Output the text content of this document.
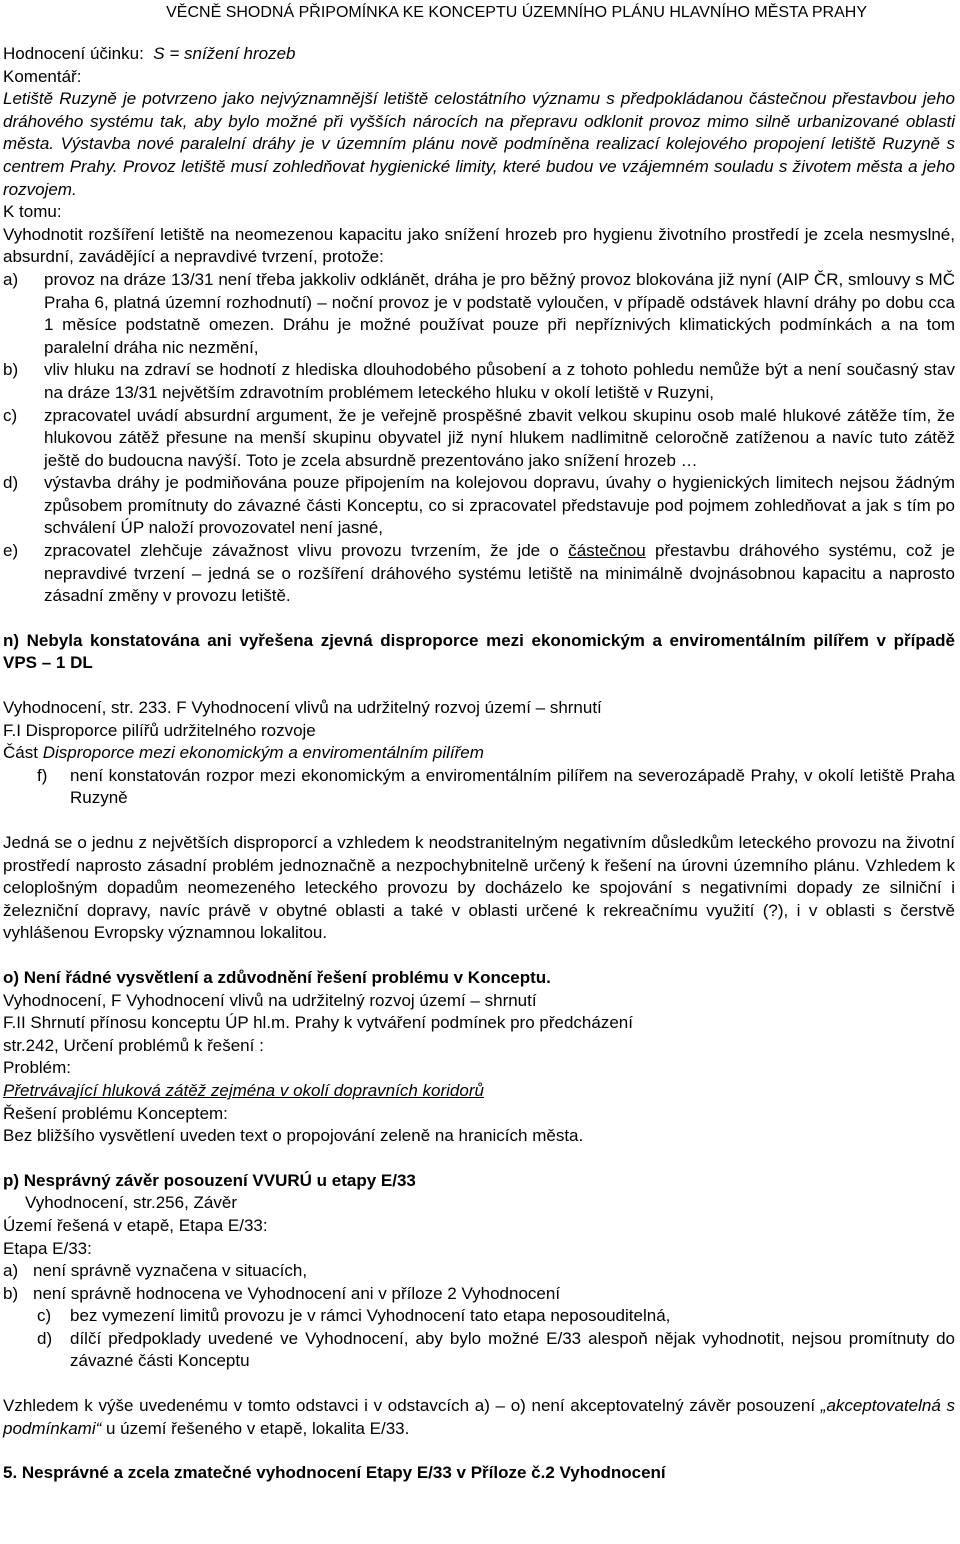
VĚCNĚ SHODNÁ PŘIPOMÍNKA KE KONCEPTU ÚZEMNÍHO PLÁNU HLAVNÍHO MĚSTA PRAHY

Hodnocení účinku: S = snížení hrozeb

Komentář:

Letiště Ruzyně je potvrzeno jako nejvýznamnější letiště celostátního významu s předpokládanou částečnou přestavbou jeho dráhového systému tak, aby bylo možné při vyšších nárocích na přepravu odklonit provoz mimo silně urbanizované oblasti města. Výstavba nové paralelní dráhy je v územním plánu nově podmíněna realizací kolejového propojení letiště Ruzyně s centrem Prahy. Provoz letiště musí zohledňovat hygienické limity, které budou ve vzájemném souladu s životem města a jeho rozvojem.

K tomu:

Vyhodnotit rozšíření letiště na neomezenou kapacitu jako snížení hrozeb pro hygienu životního prostředí je zcela nesmyslné, absurdní, zavádějící a nepravdivé tvrzení, protože:

a)	provoz na dráze 13/31 není třeba jakkoliv odklánět, dráha je pro běžný provoz blokována již nyní (AIP ČR, smlouvy s MČ Praha 6, platná územní rozhodnutí) – noční provoz je v podstatě vyloučen, v případě odstávek hlavní dráhy po dobu cca 1 měsíce podstatně omezen. Dráhu je možné používat pouze při nepříznivých klimatických podmínkách a na tom paralelní dráha nic nezmění,
b)	vliv hluku na zdraví se hodnotí z hlediska dlouhodobého působení a z tohoto pohledu nemůže být a není současný stav na dráze 13/31 největším zdravotním problémem leteckého hluku v okolí letiště v Ruzyni,
c)	zpracovatel uvádí absurdní argument, že je veřejně prospěšné zbavit velkou skupinu osob malé hlukové zátěže tím, že hlukovou zátěž přesune na menší skupinu obyvatel již nyní hlukem nadlimitně celoročně zatíženou a navíc tuto zátěž ještě do budoucna navýší. Toto je zcela absurdně prezentováno jako snížení hrozeb …
d)	výstavba dráhy je podmiňována pouze připojením na kolejovou dopravu, úvahy o hygienických limitech nejsou žádným způsobem promítnuty do závazné části Konceptu, co si zpracovatel představuje pod pojmem zohledňovat a jak s tím po schválení ÚP naloží provozovatel není jasné,
e)	zpracovatel zlehčuje závažnost vlivu provozu tvrzením, že jde o částečnou přestavbu dráhového systému, což je nepravdivé tvrzení – jedná se o rozšíření dráhového systému letiště na minimálně dvojnásobnou kapacitu a naprosto zásadní změny v provozu letiště.

n) Nebyla konstatována ani vyřešena zjevná disproporce mezi ekonomickým a enviromentálním pilířem v případě VPS – 1 DL

Vyhodnocení, str. 233. F Vyhodnocení vlivů na udržitelný rozvoj území – shrnutí

F.I Disproporce pilířů udržitelného rozvoje

Část Disproporce mezi ekonomickým a enviromentálním pilířem

f)	není konstatován rozpor mezi ekonomickým a enviromentálním pilířem na severozápadě Prahy, v okolí letiště Praha Ruzyně

Jedná se o jednu z největších disproporcí a vzhledem k neodstranitelným negativním důsledkům leteckého provozu na životní prostředí naprosto zásadní problém jednoznačně a nezpochybnitelně určený k řešení na úrovni územního plánu. Vzhledem k celoplošným dopadům neomezeného leteckého provozu by docházelo ke spojování s negativními dopady ze silniční i železniční dopravy, navíc právě v obytné oblasti a také v oblasti určené k rekreačnímu využití (?), i v oblasti s čerstvě vyhlášenou Evropsky významnou lokalitou.

o) Není řádné vysvětlení a zdůvodnění řešení problému v Konceptu.

Vyhodnocení, F Vyhodnocení vlivů na udržitelný rozvoj území – shrnutí

F.II Shrnutí přínosu konceptu ÚP hl.m. Prahy k vytváření podmínek pro předcházení

str.242, Určení problémů k řešení :

Problém:

Přetrvávající hluková zátěž zejména v okolí dopravních koridorů

Řešení problému Konceptem:

Bez bližšího vysvětlení uveden text o propojování zeleně na hranicích města.

p) Nesprávný závěr posouzení VVURÚ u etapy E/33

Vyhodnocení, str.256, Závěr

Území řešená v etapě, Etapa E/33:

Etapa E/33:

a) není správně vyznačena v situacích,
b) není správně hodnocena ve Vyhodnocení ani v příloze 2 Vyhodnocení
c)	bez vymezení limitů provozu je v rámci Vyhodnocení tato etapa neposouditelná,
d)	dílčí předpoklady uvedené ve Vyhodnocení, aby bylo možné E/33 alespoň nějak vyhodnotit, nejsou promítnuty do závazné části Konceptu

Vzhledem k výše uvedenému v tomto odstavci i v odstavcích a) – o) není akceptovatelný závěr posouzení „akceptovatelná s podmínkami“ u území řešeného v etapě, lokalita E/33.

5. Nesprávné a zcela zmatečné vyhodnocení Etapy E/33 v Příloze č.2 Vyhodnocení
